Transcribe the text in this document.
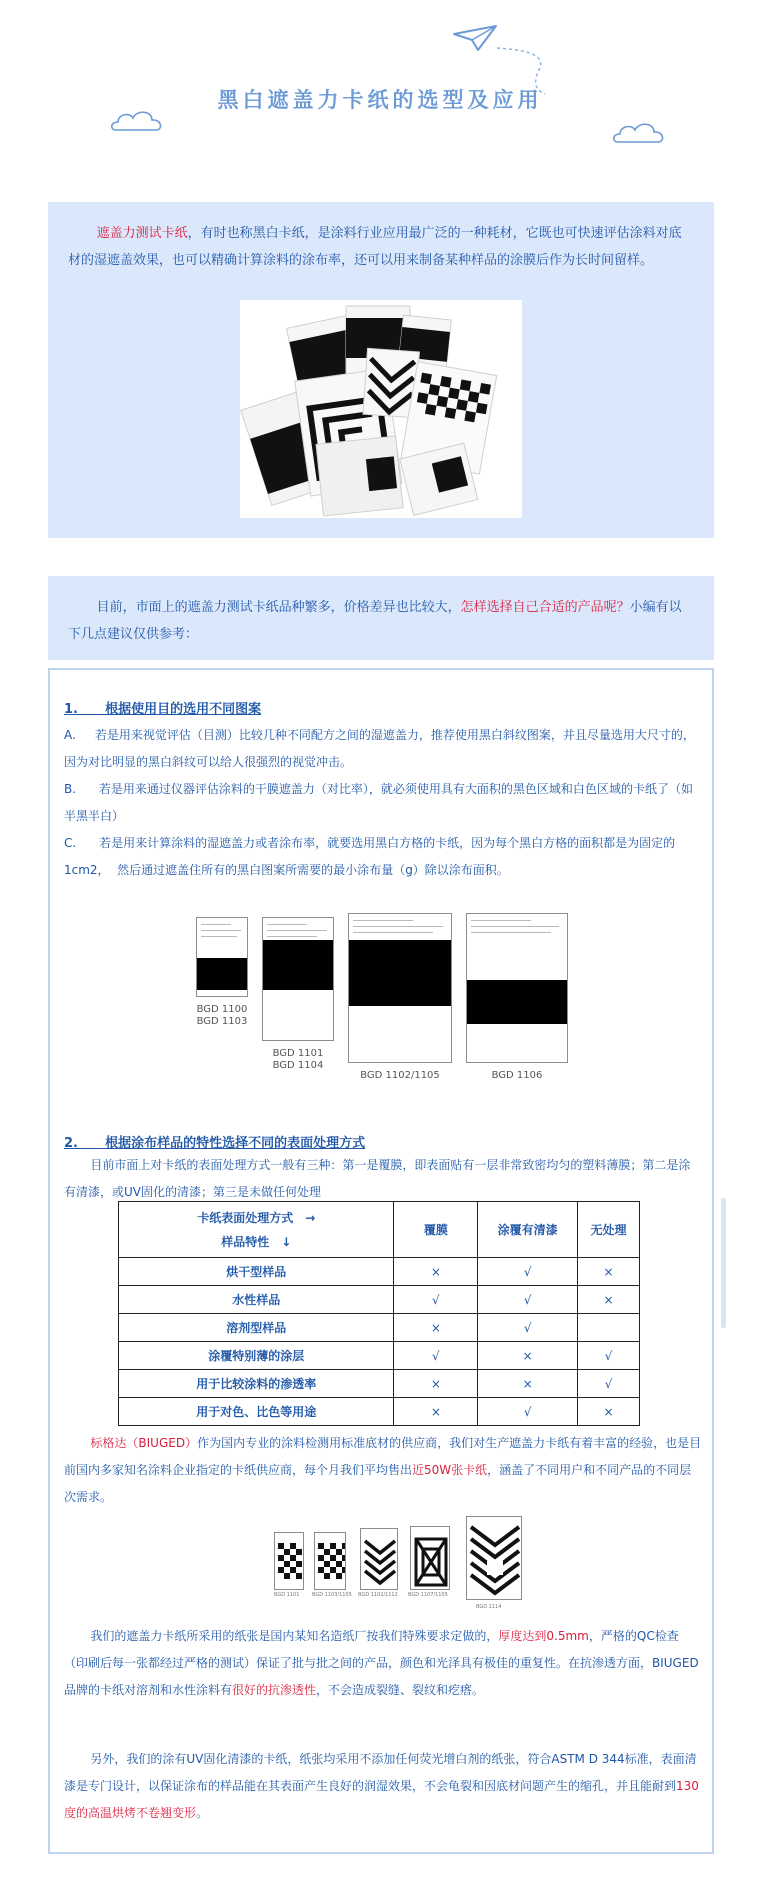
黑白遮盖力卡纸的选型及应用

遮盖力测试卡纸，有时也称黑白卡纸，是涂料行业应用最广泛的一种耗材，它既也可快速评估涂料对底材的湿遮盖效果，也可以精确计算涂料的涂布率，还可以用来制备某种样品的涂膜后作为长时间留样。

目前，市面上的遮盖力测试卡纸品种繁多，价格差异也比较大，怎样选择自己合适的产品呢？小编有以下几点建议仅供参考：

1.      根据使用目的选用不同图案

A.     若是用来视觉评估（目测）比较几种不同配方之间的湿遮盖力，推荐使用黑白斜纹图案，并且尽量选用大尺寸的，因为对比明显的黑白斜纹可以给人很强烈的视觉冲击。

B.      若是用来通过仪器评估涂料的干膜遮盖力（对比率），就必须使用具有大面积的黑色区域和白色区域的卡纸了（如半黑半白）

C.      若是用来计算涂料的湿遮盖力或者涂布率，就要选用黑白方格的卡纸，因为每个黑白方格的面积都是为固定的1cm2，  然后通过遮盖住所有的黑白图案所需要的最小涂布量（g）除以涂布面积。

BGD 1100
BGD 1103
BGD 1101
BGD 1104
BGD 1102/1105	BGD 1106
2.      根据涂布样品的特性选择不同的表面处理方式

目前市面上对卡纸的表面处理方式一般有三种：第一是覆膜，即表面贴有一层非常致密均匀的塑料薄膜；第二是涂有清漆，或UV固化的清漆；第三是未做任何处理

卡纸表面处理方式　→
样品特性　↓	覆膜	涂覆有清漆	无处理
烘干型样品	×	√	×
水性样品	√	√	×
溶剂型样品	×	√	
涂覆特别薄的涂层	√	×	√
用于比较涂料的渗透率	×	×	√
用于对色、比色等用途	×	√	×

标格达（BIUGED）作为国内专业的涂料检测用标准底材的供应商，我们对生产遮盖力卡纸有着丰富的经验，也是目前国内多家知名涂料企业指定的卡纸供应商，每个月我们平均售出近50W张卡纸，涵盖了不同用户和不同产品的不同层次需求。

BGD 1101	BGD 1103/1105 BGD 1102/1112 BGD 1107/1105
BGD 1114

我们的遮盖力卡纸所采用的纸张是国内某知名造纸厂按我们特殊要求定做的，厚度达到0.5mm，严格的QC检查（印刷后每一张都经过严格的测试）保证了批与批之间的产品，颜色和光泽具有极佳的重复性。在抗渗透方面，BIUGED品牌的卡纸对溶剂和水性涂料有很好的抗渗透性，不会造成裂缝、裂纹和疙瘩。

另外，我们的涂有UV固化清漆的卡纸，纸张均采用不添加任何荧光增白剂的纸张，符合ASTM D 344标准，表面清漆是专门设计，以保证涂布的样品能在其表面产生良好的润湿效果，不会龟裂和因底材问题产生的缩孔，并且能耐到130度的高温烘烤不卷翘变形。
